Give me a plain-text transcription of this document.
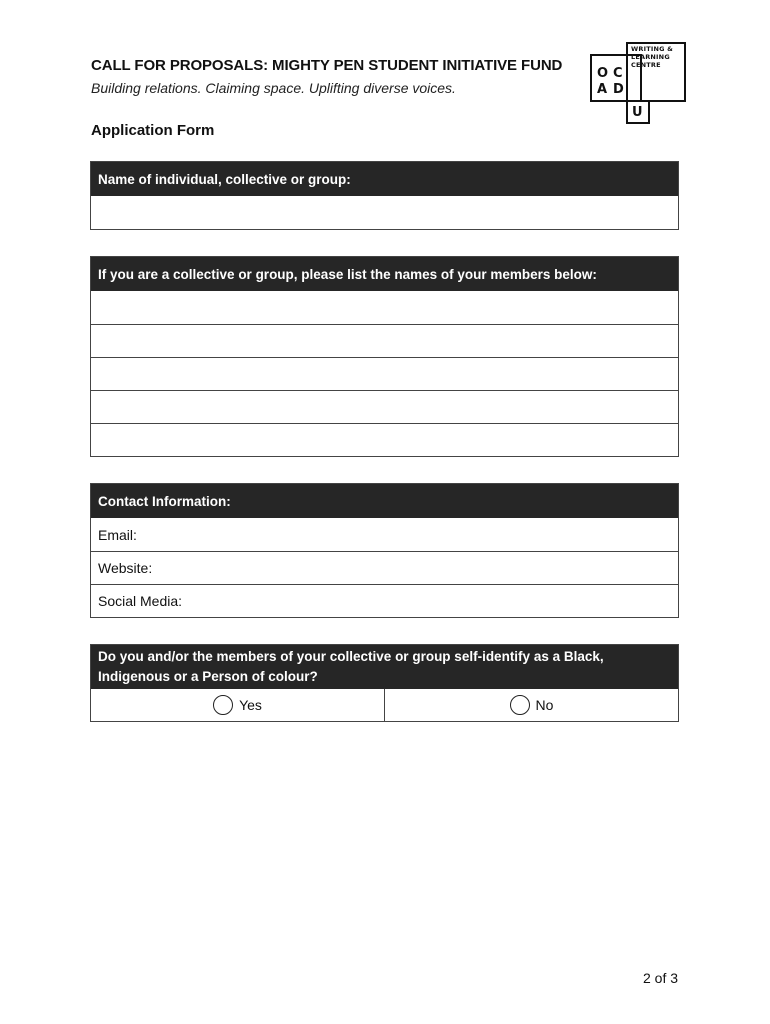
CALL FOR PROPOSALS: MIGHTY PEN STUDENT INITIATIVE FUND
Building relations. Claiming space. Uplifting diverse voices.
O C
A D
U
WRITING &
LEARNING
CENTRE
Application Form
Name of individual, collective or group:
If you are a collective or group, please list the names of your members below:
Contact Information:
Email:
Website:
Social Media:
Do you and/or the members of your collective or group self-identify as a Black,
Indigenous or a Person of colour?
Yes	No
2 of 3
